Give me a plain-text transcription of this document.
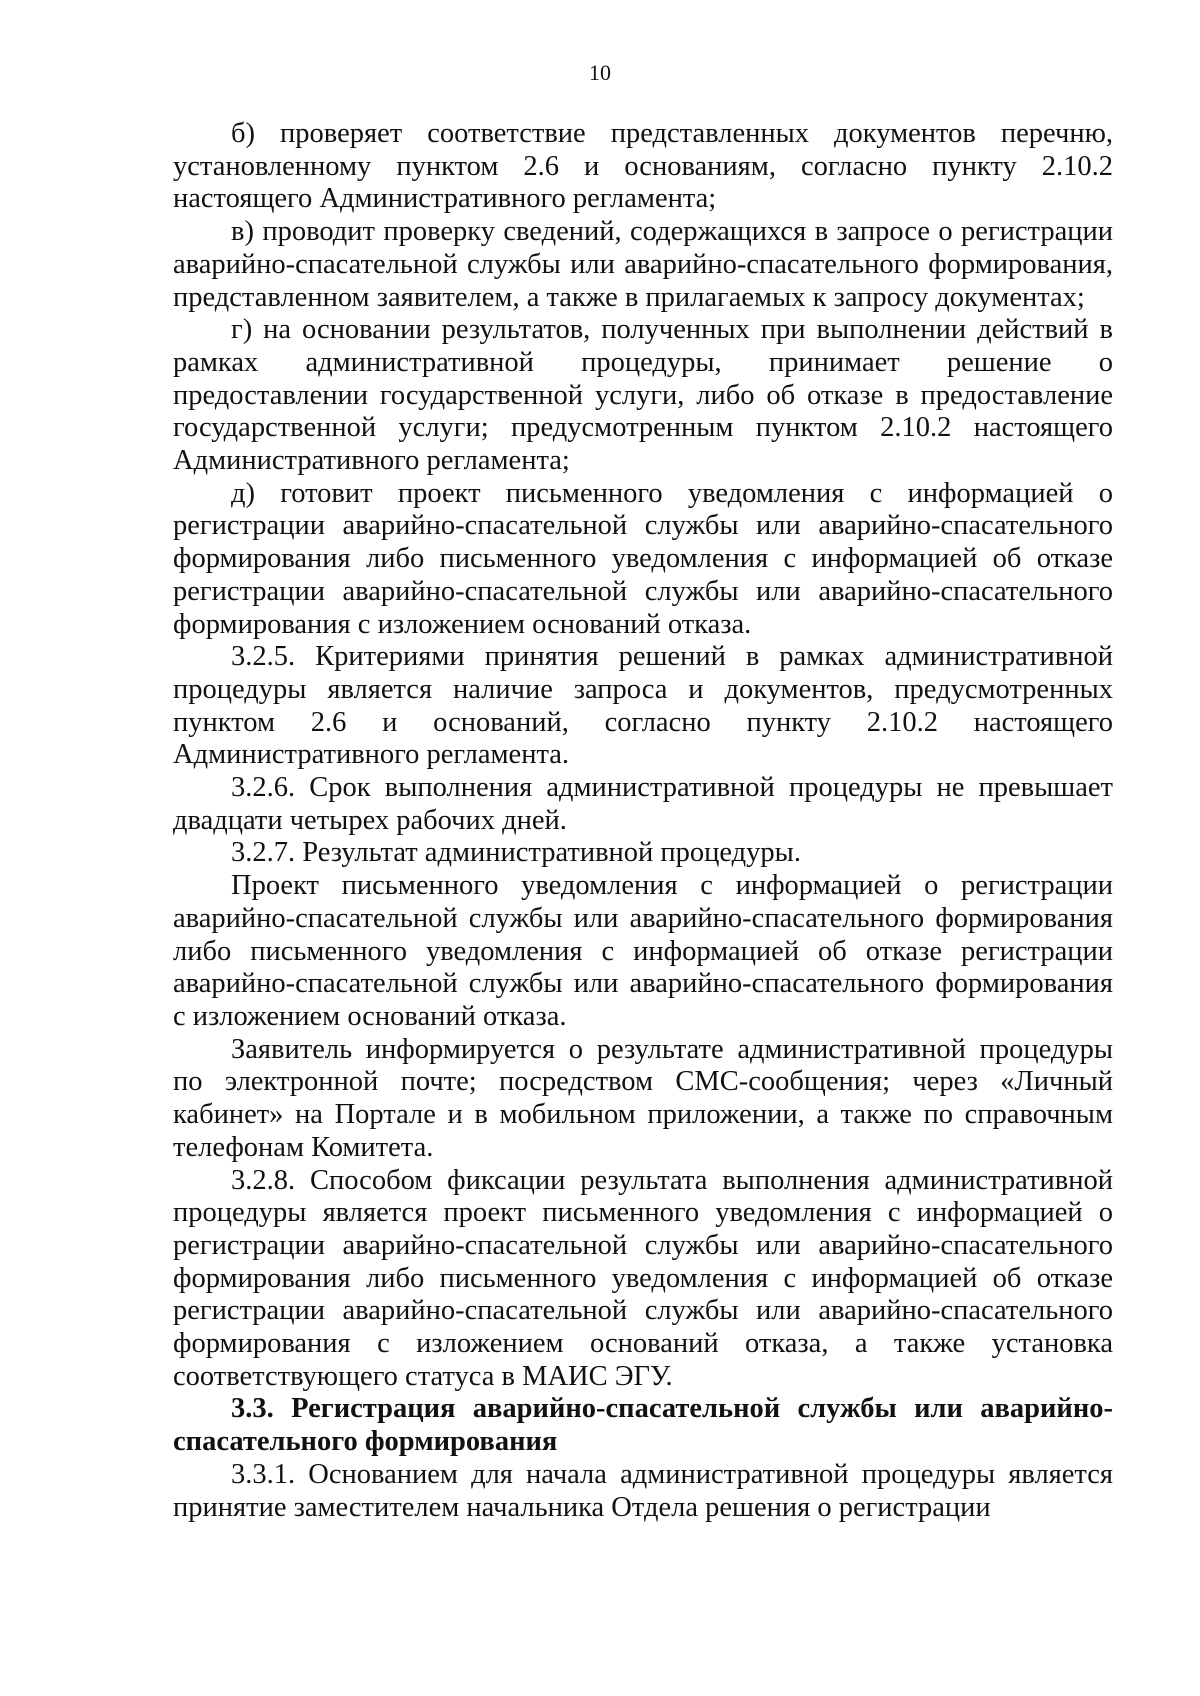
10

б) проверяет соответствие представленных документов перечню, установленному пунктом 2.6 и основаниям, согласно пункту 2.10.2 настоящего Административного регламента;

в) проводит проверку сведений, содержащихся в запросе о регистрации аварийно-спасательной службы или аварийно-спасательного формирования, представленном заявителем, а также в прилагаемых к запросу документах;

г) на основании результатов, полученных при выполнении действий в рамках административной процедуры, принимает решение о предоставлении государственной услуги, либо об отказе в предоставление государственной услуги; предусмотренным пунктом 2.10.2 настоящего Административного регламента;

д) готовит проект письменного уведомления с информацией о регистрации аварийно-спасательной службы или аварийно-спасательного формирования либо письменного уведомления с информацией об отказе регистрации аварийно-спасательной службы или аварийно-спасательного формирования с изложением оснований отказа.

3.2.5. Критериями принятия решений в рамках административной процедуры является наличие запроса и документов, предусмотренных пунктом 2.6 и оснований, согласно пункту 2.10.2 настоящего Административного регламента.

3.2.6. Срок выполнения административной процедуры не превышает двадцати четырех рабочих дней.

3.2.7. Результат административной процедуры.

Проект письменного уведомления с информацией о регистрации аварийно-спасательной службы или аварийно-спасательного формирования либо письменного уведомления с информацией об отказе регистрации аварийно-спасательной службы или аварийно-спасательного формирования с изложением оснований отказа.

Заявитель информируется о результате административной процедуры по электронной почте; посредством СМС-сообщения; через «Личный кабинет» на Портале и в мобильном приложении, а также по справочным телефонам Комитета.

3.2.8. Способом фиксации результата выполнения административной процедуры является проект письменного уведомления с информацией о регистрации аварийно-спасательной службы или аварийно-спасательного формирования либо письменного уведомления с информацией об отказе регистрации аварийно-спасательной службы или аварийно-спасательного формирования с изложением оснований отказа, а также установка соответствующего статуса в МАИС ЭГУ.

3.3. Регистрация аварийно-спасательной службы или аварийно-спасательного формирования

3.3.1. Основанием для начала административной процедуры является принятие заместителем начальника Отдела решения о регистрации
